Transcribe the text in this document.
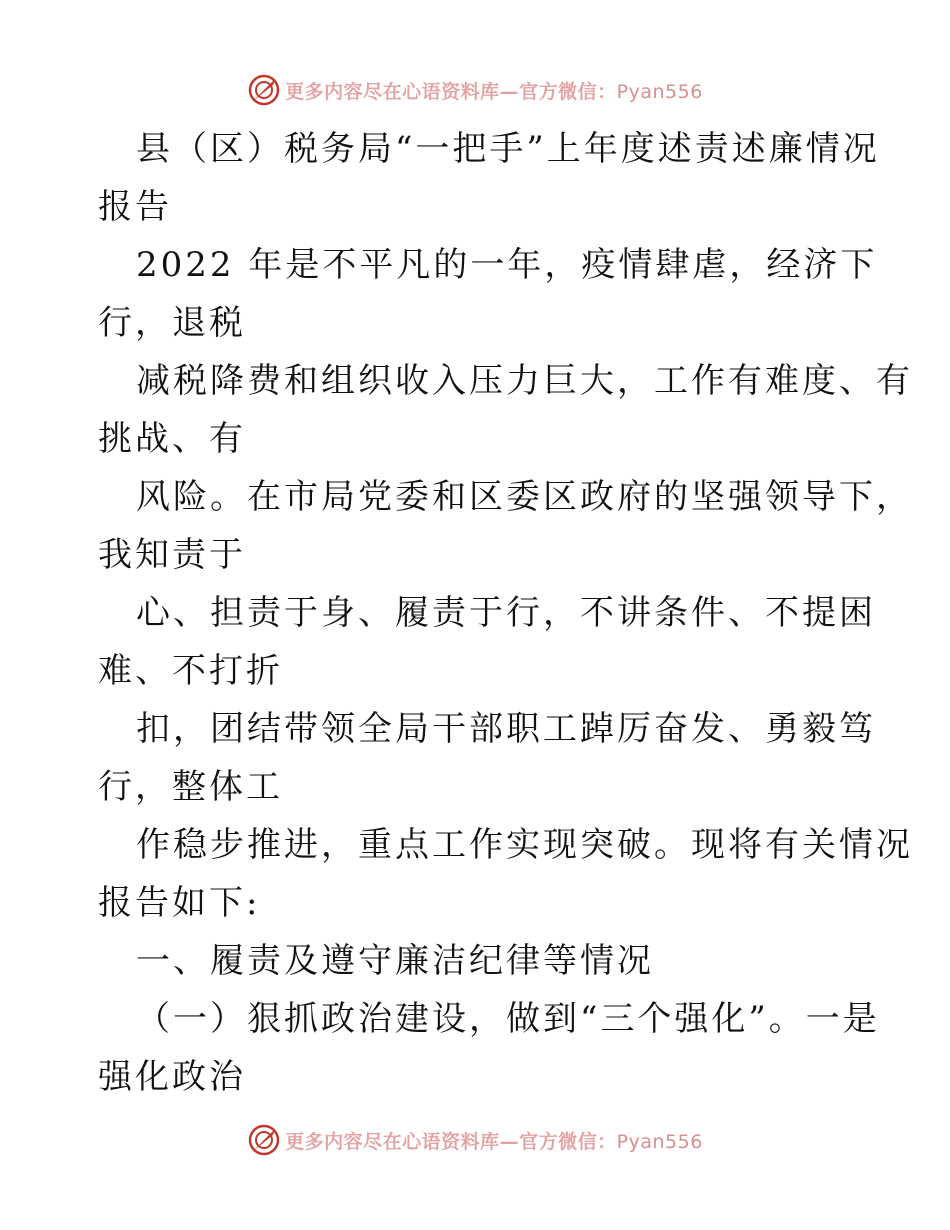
更多内容尽在心语资料库—官方微信：Pyan556
县（区）税务局“一把手”上年度述责述廉情况
报告
2022 年是不平凡的一年，疫情肆虐，经济下
行，退税
减税降费和组织收入压力巨大，工作有难度、有
挑战、有
风险。在市局党委和区委区政府的坚强领导下，
我知责于
心、担责于身、履责于行，不讲条件、不提困
难、不打折
扣，团结带领全局干部职工踔厉奋发、勇毅笃
行，整体工
作稳步推进，重点工作实现突破。现将有关情况
报告如下:
一、履责及遵守廉洁纪律等情况
（一）狠抓政治建设，做到“三个强化”。一是
强化政治
更多内容尽在心语资料库—官方微信：Pyan556
